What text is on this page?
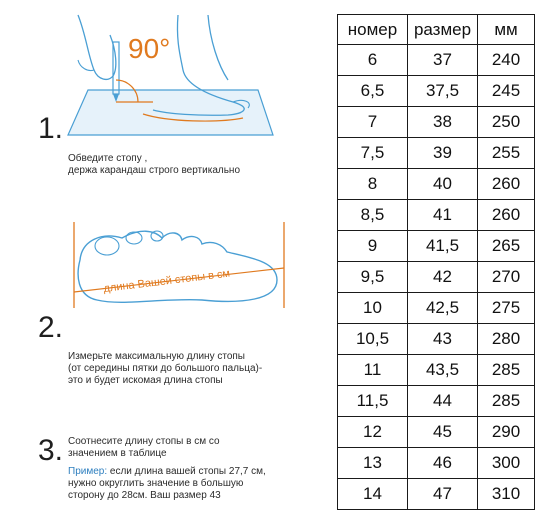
90°
1.

Обведите стопу ,

держа карандаш строго вертикально

длина Вашей стопы в см
2.

Измерьте максимальную длину стопы

(от середины пятки до большого пальца)-

это и будет искомая длина стопы

3. Соотнесите длину стопы в см со

значением в таблице

Пример: если длина вашей стопы 27,7 см,

нужно округлить значение в большую

сторону до 28см. Ваш размер 43

номер	размер	мм
6	37	240
6,5	37,5	245
7	38	250
7,5	39	255
8	40	260
8,5	41	260
9	41,5	265
9,5	42	270
10	42,5	275
10,5	43	280
11	43,5	285
11,5	44	285
12	45	290
13	46	300
14	47	310
